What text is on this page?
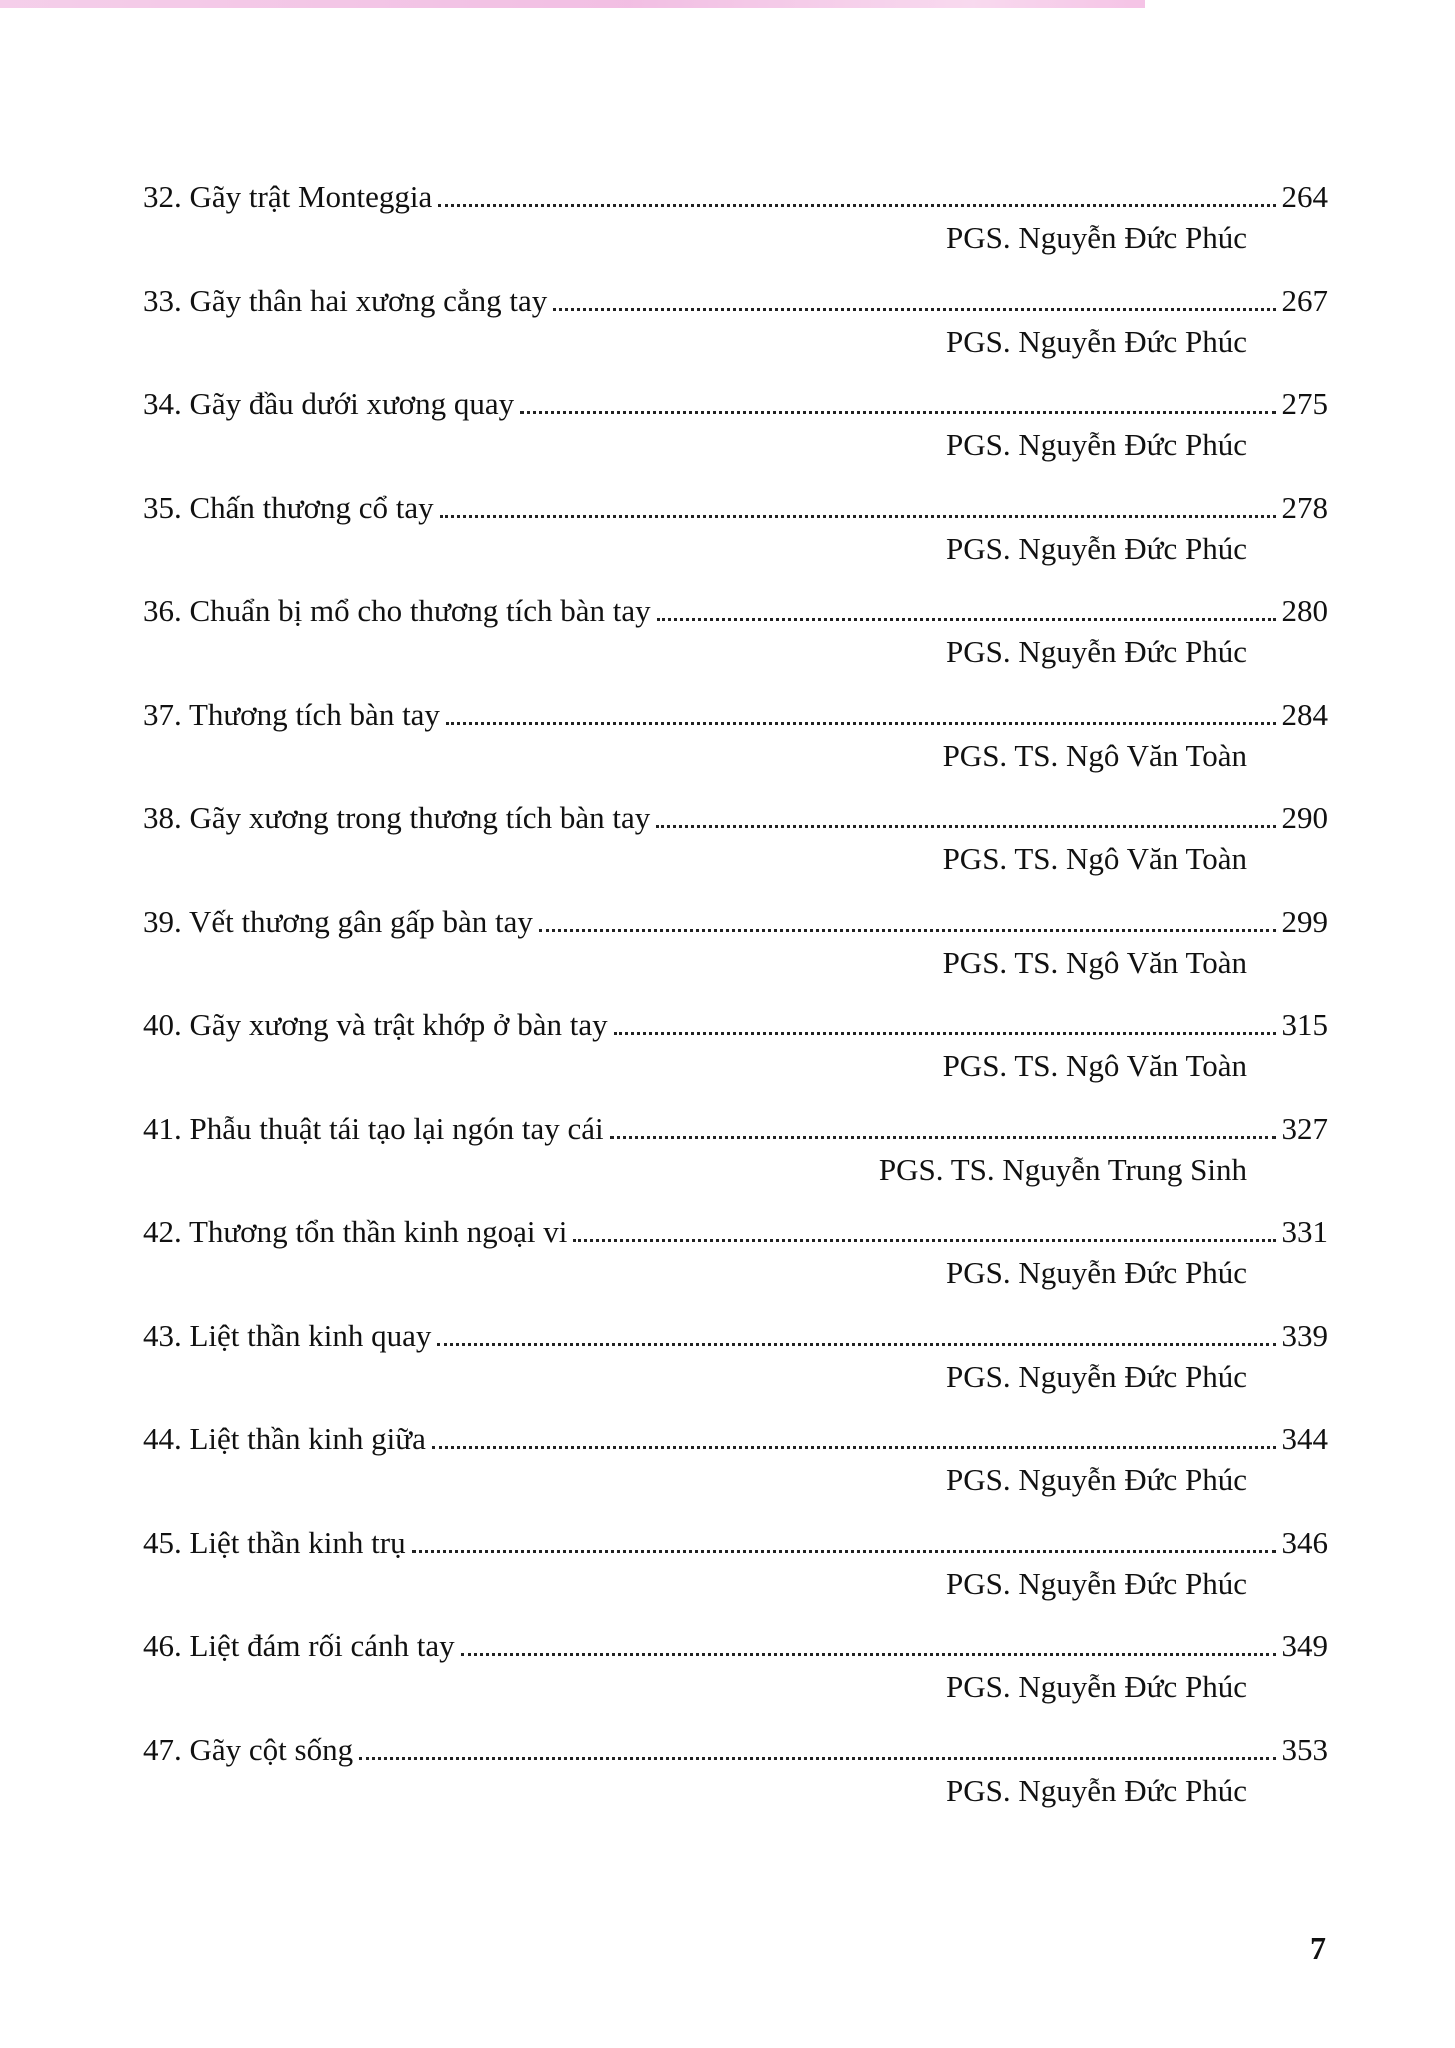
32. Gãy trật Monteggia	264
PGS. Nguyễn Đức Phúc
33. Gãy thân hai xương cẳng tay	267
PGS. Nguyễn Đức Phúc
34. Gãy đầu dưới xương quay	275
PGS. Nguyễn Đức Phúc
35. Chấn thương cổ tay	278
PGS. Nguyễn Đức Phúc
36. Chuẩn bị mổ cho thương tích bàn tay	280
PGS. Nguyễn Đức Phúc
37. Thương tích bàn tay	284
PGS. TS. Ngô Văn Toàn
38. Gãy xương trong thương tích bàn tay	290
PGS. TS. Ngô Văn Toàn
39. Vết thương gân gấp bàn tay	299
PGS. TS. Ngô Văn Toàn
40. Gãy xương và trật khớp ở bàn tay	315
PGS. TS. Ngô Văn Toàn
41. Phẫu thuật tái tạo lại ngón tay cái	327
PGS. TS. Nguyễn Trung Sinh
42. Thương tổn thần kinh ngoại vi	331
PGS. Nguyễn Đức Phúc
43. Liệt thần kinh quay	339
PGS. Nguyễn Đức Phúc
44. Liệt thần kinh giữa	344
PGS. Nguyễn Đức Phúc
45. Liệt thần kinh trụ	346
PGS. Nguyễn Đức Phúc
46. Liệt đám rối cánh tay	349
PGS. Nguyễn Đức Phúc
47. Gãy cột sống	353
PGS. Nguyễn Đức Phúc
7
